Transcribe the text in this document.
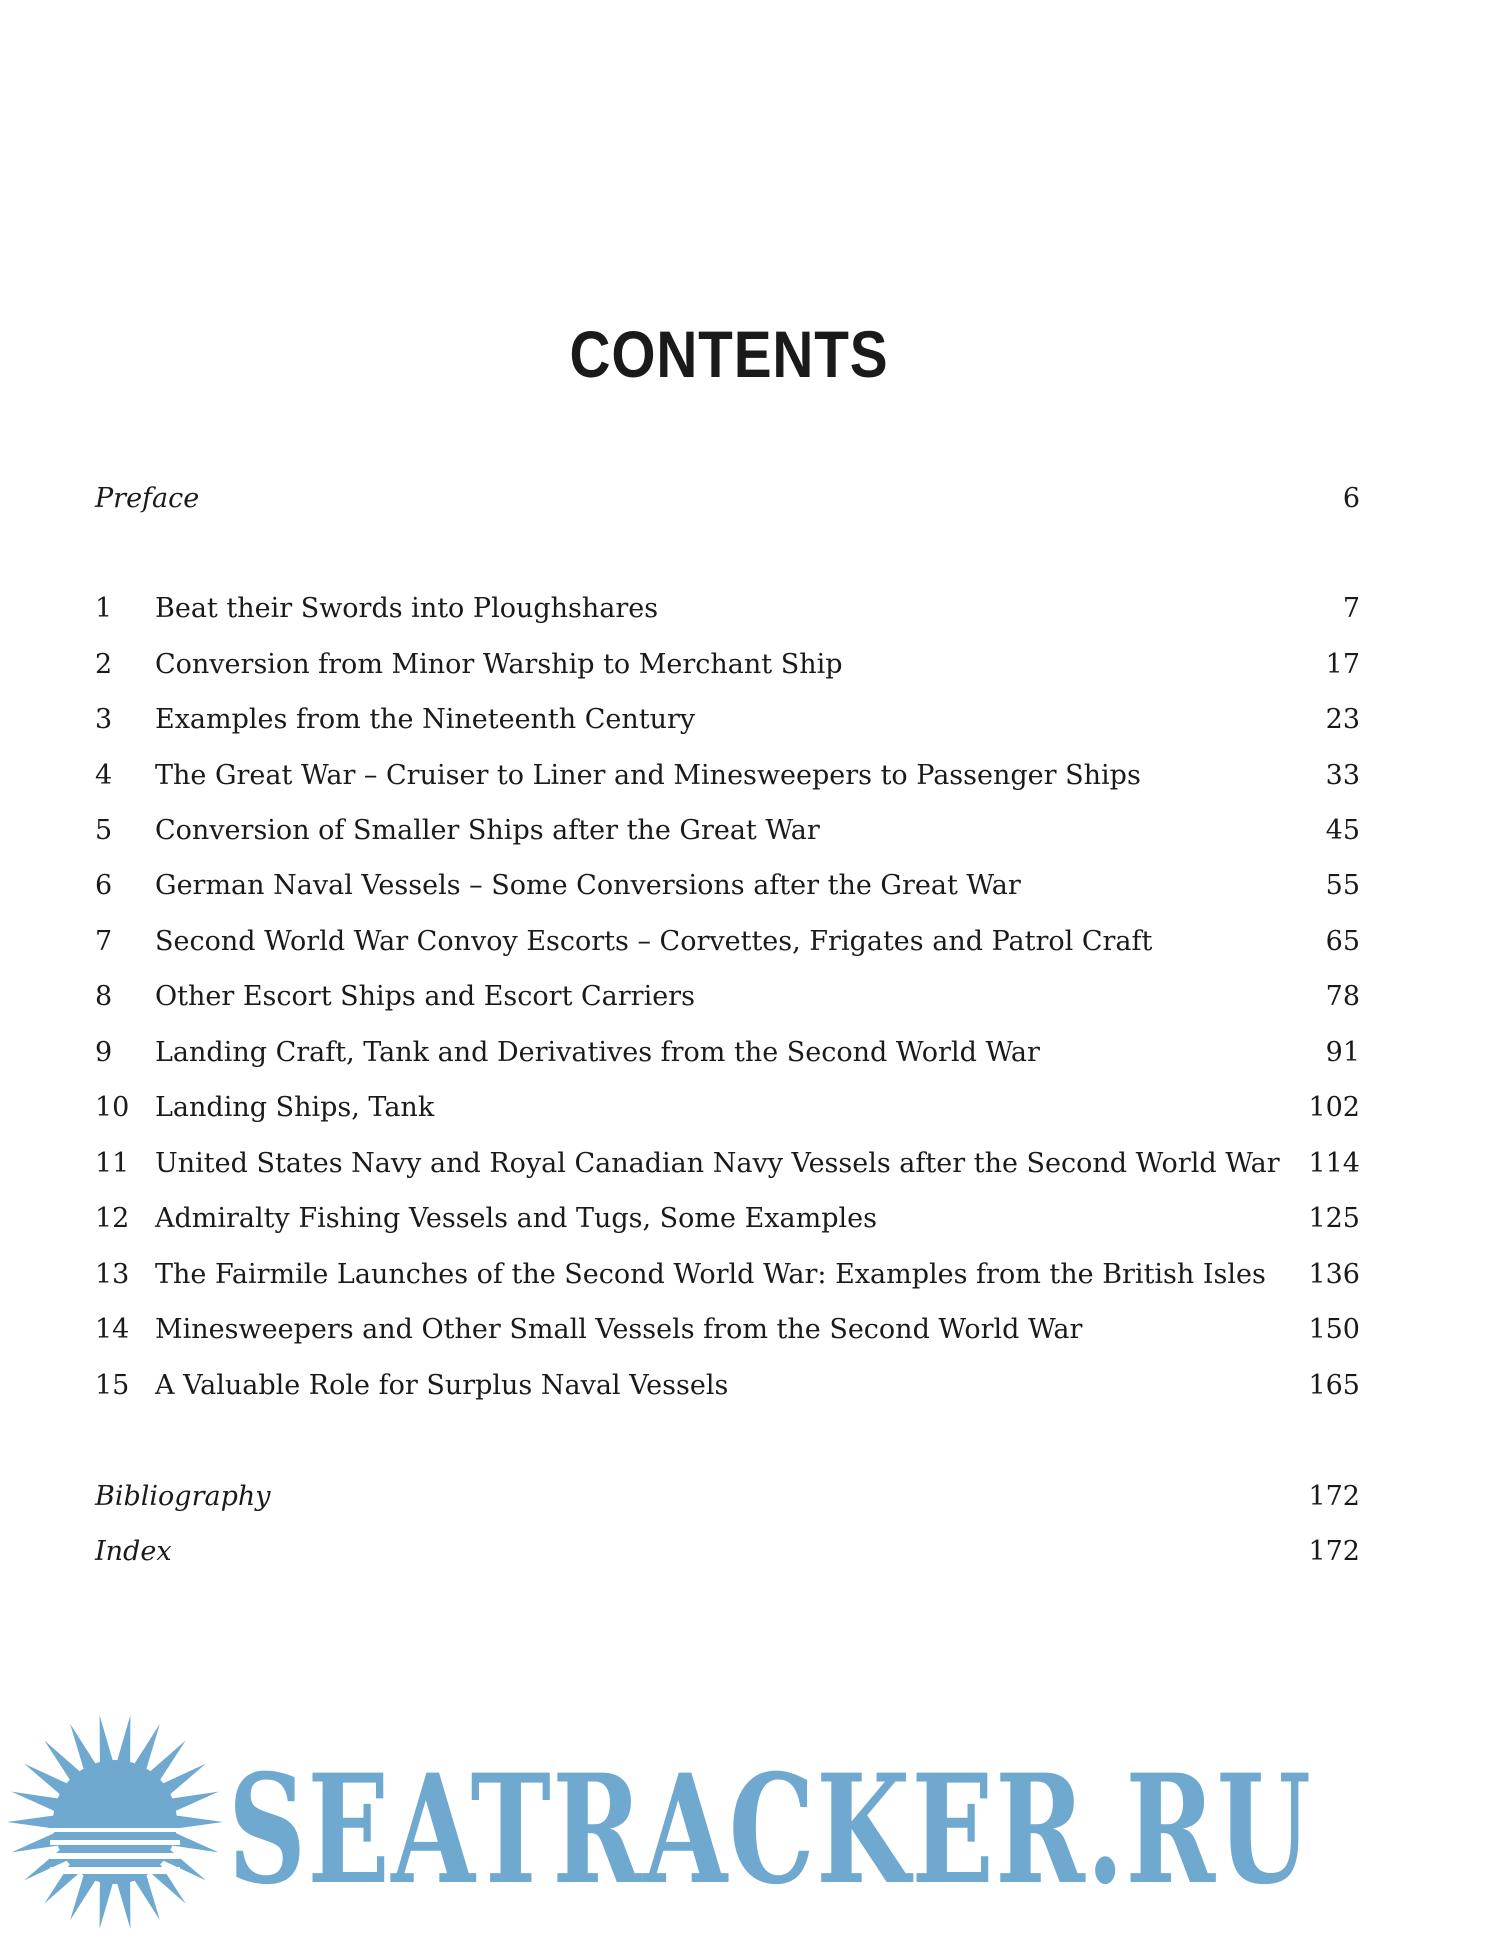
CONTENTS
Preface	6
1 Beat their Swords into Ploughshares	7
2 Conversion from Minor Warship to Merchant Ship	17
3 Examples from the Nineteenth Century	23
4 The Great War – Cruiser to Liner and Minesweepers to Passenger Ships	33
5 Conversion of Smaller Ships after the Great War	45
6 German Naval Vessels – Some Conversions after the Great War	55
7 Second World War Convoy Escorts – Corvettes, Frigates and Patrol Craft	65
8 Other Escort Ships and Escort Carriers	78
9 Landing Craft, Tank and Derivatives from the Second World War	91
10 Landing Ships, Tank	102
11 United States Navy and Royal Canadian Navy Vessels after the Second World War 114
12 Admiralty Fishing Vessels and Tugs, Some Examples	125
13 The Fairmile Launches of the Second World War: Examples from the British Isles 136
14 Minesweepers and Other Small Vessels from the Second World War	150
15 A Valuable Role for Surplus Naval Vessels	165
Bibliography	172
Index	172
SEATRACKER.RU
